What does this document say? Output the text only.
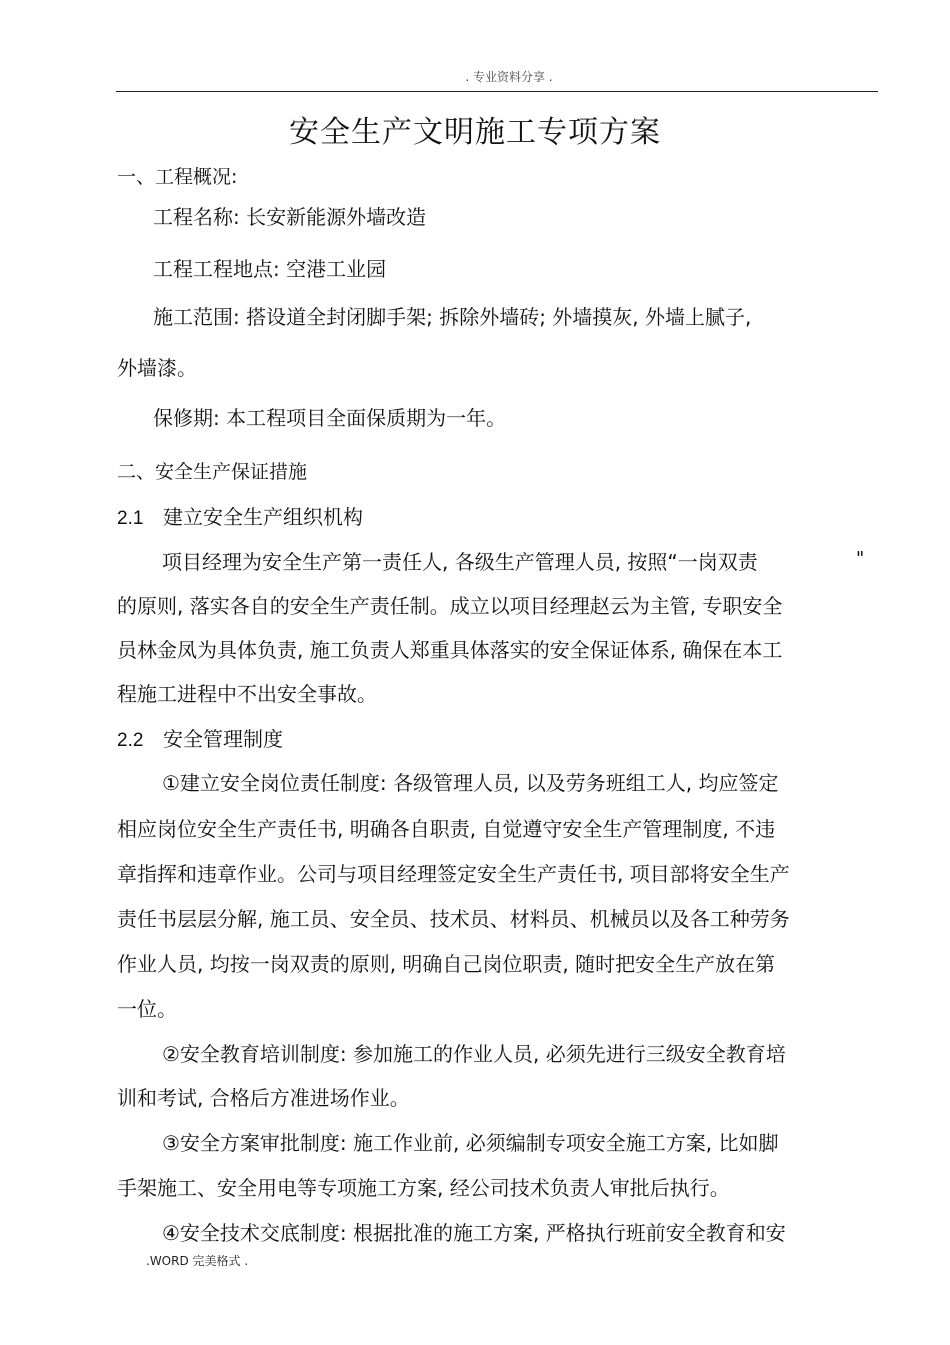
. 专业资料分享 .
安全生产文明施工专项方案
一、工程概况:
工程名称: 长安新能源外墙改造
工程工程地点: 空港工业园
施工范围: 搭设道全封闭脚手架; 拆除外墙砖; 外墙摸灰, 外墙上腻子,
外墙漆。
保修期: 本工程项目全面保质期为一年。
二、安全生产保证措施
2.1 建立安全生产组织机构
项目经理为安全生产第一责任人, 各级生产管理人员, 按照“一岗双责	"
的原则, 落实各自的安全生产责任制。成立以项目经理赵云为主管, 专职安全
员林金凤为具体负责, 施工负责人郑重具体落实的安全保证体系, 确保在本工
程施工进程中不出安全事故。
2.2 安全管理制度
①建立安全岗位责任制度: 各级管理人员, 以及劳务班组工人, 均应签定
相应岗位安全生产责任书, 明确各自职责, 自觉遵守安全生产管理制度, 不违
章指挥和违章作业。公司与项目经理签定安全生产责任书, 项目部将安全生产
责任书层层分解, 施工员、安全员、技术员、材料员、机械员以及各工种劳务
作业人员, 均按一岗双责的原则, 明确自己岗位职责, 随时把安全生产放在第
一位。
②安全教育培训制度: 参加施工的作业人员, 必须先进行三级安全教育培
训和考试, 合格后方准进场作业。
③安全方案审批制度: 施工作业前, 必须编制专项安全施工方案, 比如脚
手架施工、安全用电等专项施工方案, 经公司技术负责人审批后执行。
④安全技术交底制度: 根据批准的施工方案, 严格执行班前安全教育和安
.WORD 完美格式 .
